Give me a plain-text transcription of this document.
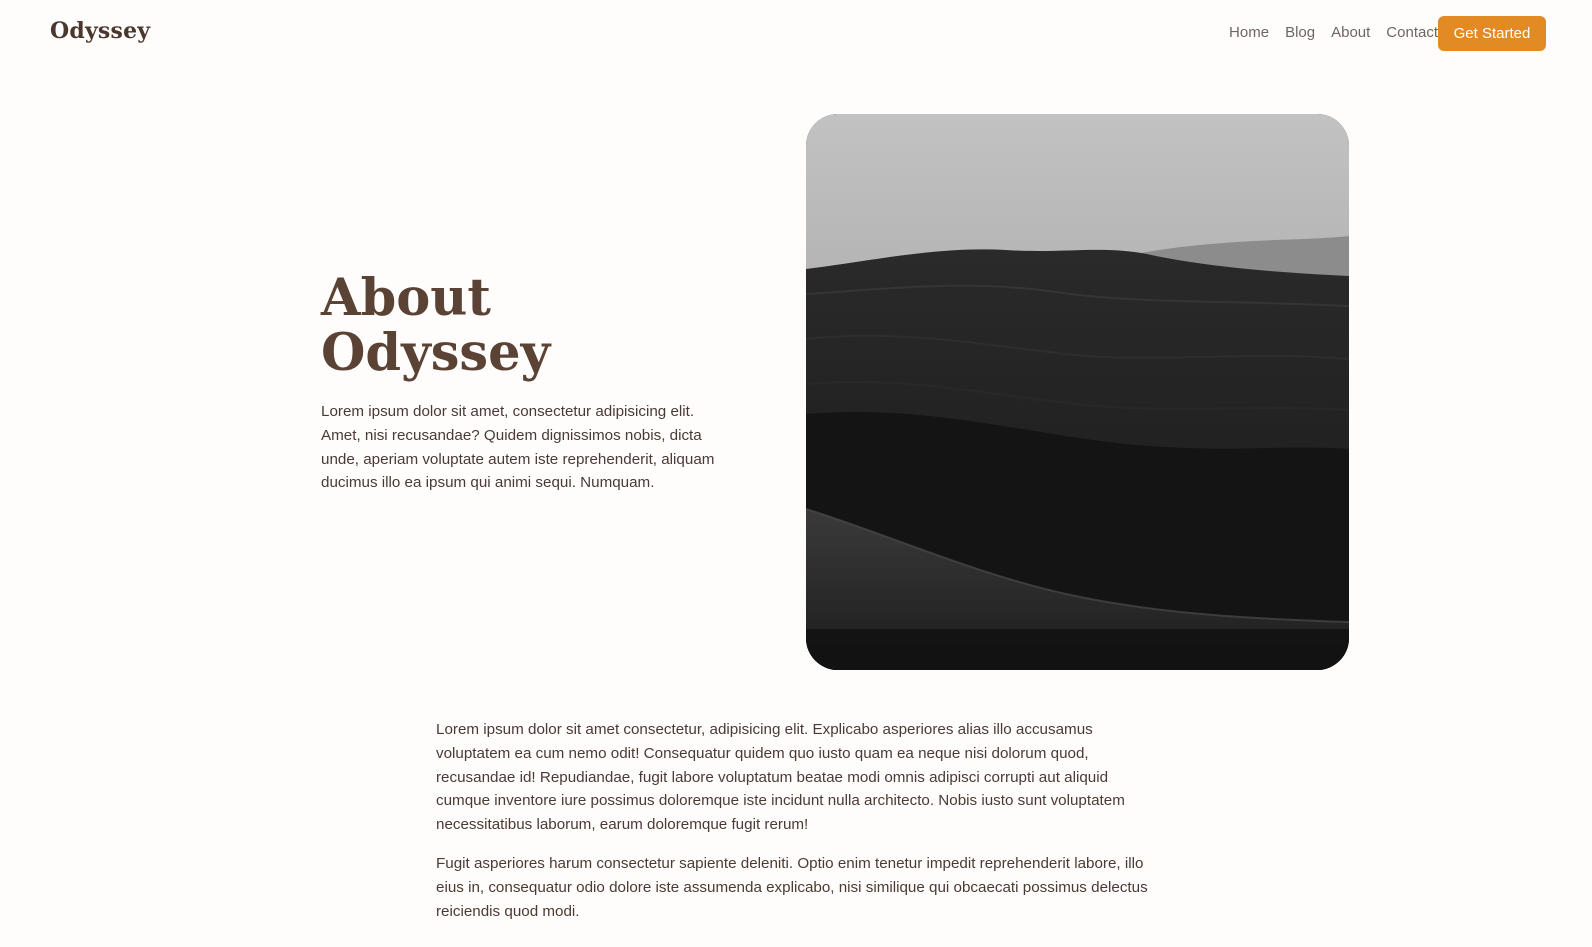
Odyssey	Home Blog About Contact	Get Started
About
Odyssey

Lorem ipsum dolor sit amet, consectetur adipisicing elit. Amet, nisi recusandae? Quidem dignissimos nobis, dicta unde, aperiam voluptate autem iste reprehenderit, aliquam ducimus illo ea ipsum qui animi sequi. Numquam.

Lorem ipsum dolor sit amet consectetur, adipisicing elit. Explicabo asperiores alias illo accusamus voluptatem ea cum nemo odit! Consequatur quidem quo iusto quam ea neque nisi dolorum quod, recusandae id! Repudiandae, fugit labore voluptatum beatae modi omnis adipisci corrupti aut aliquid cumque inventore iure possimus doloremque iste incidunt nulla architecto. Nobis iusto sunt voluptatem necessitatibus laborum, earum doloremque fugit rerum!

Fugit asperiores harum consectetur sapiente deleniti. Optio enim tenetur impedit reprehenderit labore, illo eius in, consequatur odio dolore iste assumenda explicabo, nisi similique qui obcaecati possimus delectus reiciendis quod modi.
